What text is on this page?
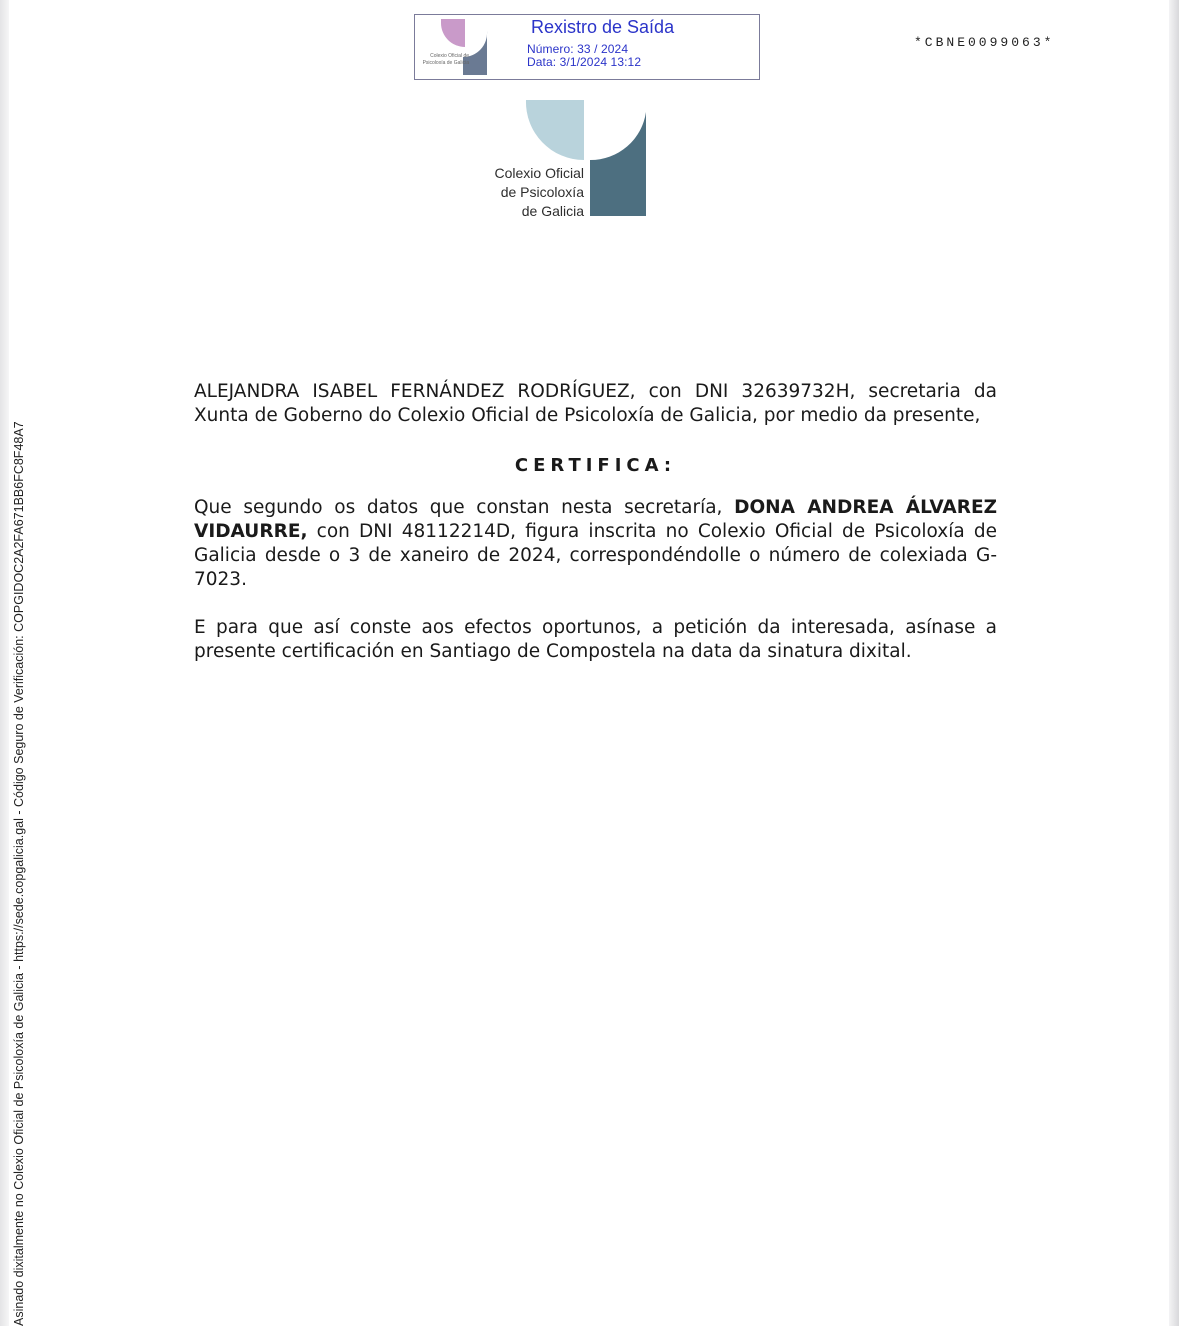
Colexio Oficial de Psicoloxía de Galicia
Rexistro de Saída
Número: 33 / 2024
Data: 3/1/2024 13:12
*CBNE0099063*
Colexio Oficial
de Psicoloxía
de Galicia
Asinado dixitalmente no Colexio Oficial de Psicoloxía de Galicia - https://sede.copgalicia.gal - Código Seguro de Verificación: COPGIDOC2A2FA671BB6FC8F48A7

ALEJANDRA ISABEL FERNÁNDEZ RODRÍGUEZ, con DNI 32639732H, secretaria da Xunta de Goberno do Colexio Oficial de Psicoloxía de Galicia, por medio da presente,

CERTIFICA:

Que segundo os datos que constan nesta secretaría, DONA ANDREA ÁLVAREZ VIDAURRE, con DNI 48112214D, figura inscrita no Colexio Oficial de Psicoloxía de Galicia desde o 3 de xaneiro de 2024, correspondéndolle o número de colexiada G-7023.

E para que así conste aos efectos oportunos, a petición da interesada, asínase a presente certificación en Santiago de Compostela na data da sinatura dixital.
